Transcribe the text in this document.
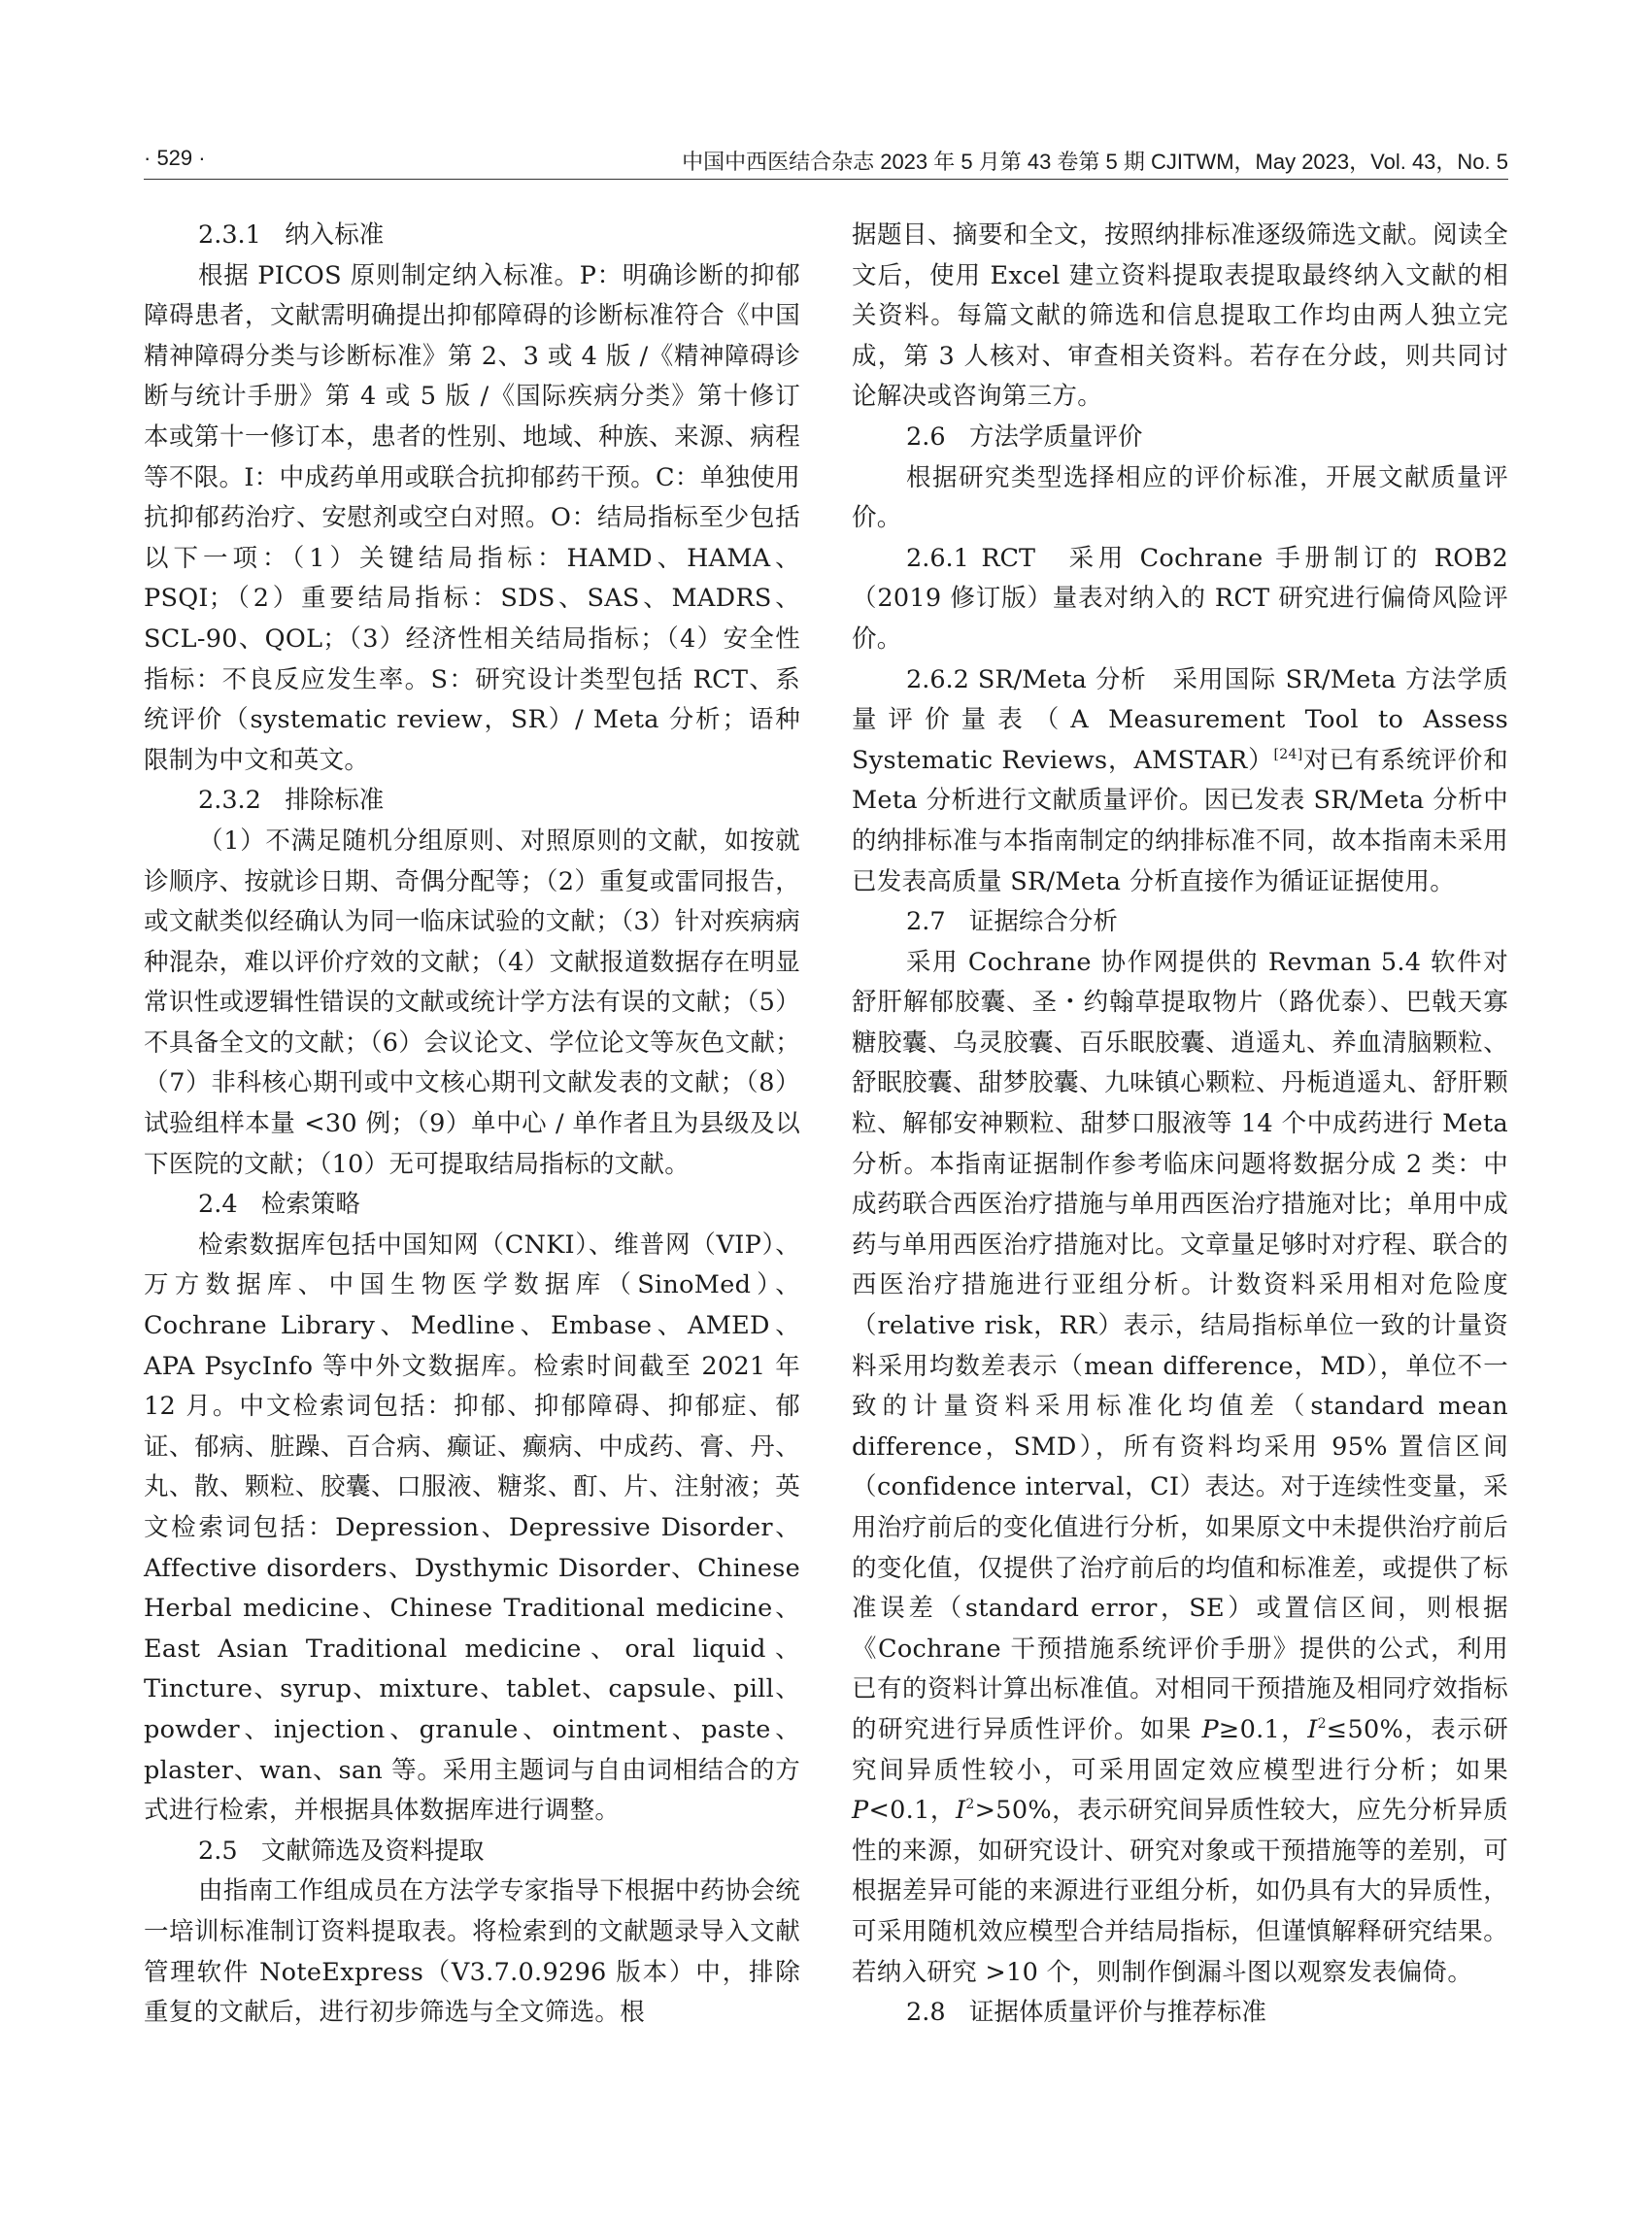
· 529 ·	中国中西医结合杂志 2023 年 5 月第 43 卷第 5 期 CJITWM，May 2023，Vol. 43，No. 5

2.3.1   纳入标准

根据 PICOS 原则制定纳入标准。P：明确诊断的抑郁障碍患者，文献需明确提出抑郁障碍的诊断标准符合《中国精神障碍分类与诊断标准》第 2、3 或 4 版 /《精神障碍诊断与统计手册》第 4 或 5 版 /《国际疾病分类》第十修订本或第十一修订本，患者的性别、地域、种族、来源、病程等不限。I：中成药单用或联合抗抑郁药干预。C：单独使用抗抑郁药治疗、安慰剂或空白对照。O：结局指标至少包括以下一项：（1）关键结局指标：HAMD、HAMA、PSQI；（2）重要结局指标：SDS、SAS、MADRS、SCL-90、QOL；（3）经济性相关结局指标；（4）安全性指标：不良反应发生率。S：研究设计类型包括 RCT、系统评价（systematic review，SR）/ Meta 分析；语种限制为中文和英文。

2.3.2   排除标准

（1）不满足随机分组原则、对照原则的文献，如按就诊顺序、按就诊日期、奇偶分配等；（2）重复或雷同报告，或文献类似经确认为同一临床试验的文献；（3）针对疾病病种混杂，难以评价疗效的文献；（4）文献报道数据存在明显常识性或逻辑性错误的文献或统计学方法有误的文献；（5）不具备全文的文献；（6）会议论文、学位论文等灰色文献；（7）非科核心期刊或中文核心期刊文献发表的文献；（8）试验组样本量 <30 例；（9）单中心 / 单作者且为县级及以下医院的文献；（10）无可提取结局指标的文献。

2.4   检索策略

检索数据库包括中国知网（CNKI）、维普网（VIP）、万方数据库、中国生物医学数据库（SinoMed）、Cochrane Library、Medline、Embase、AMED、APA PsycInfo 等中外文数据库。检索时间截至 2021 年 12 月。中文检索词包括：抑郁、抑郁障碍、抑郁症、郁证、郁病、脏躁、百合病、癫证、癫病、中成药、膏、丹、丸、散、颗粒、胶囊、口服液、糖浆、酊、片、注射液；英文检索词包括：Depression、Depressive Disorder、Affective disorders、Dysthymic Disorder、Chinese Herbal medicine、Chinese Traditional medicine、East Asian Traditional medicine、oral liquid、Tincture、syrup、mixture、tablet、capsule、pill、powder、injection、granule、ointment、paste、plaster、wan、san 等。采用主题词与自由词相结合的方式进行检索，并根据具体数据库进行调整。

2.5   文献筛选及资料提取

由指南工作组成员在方法学专家指导下根据中药协会统一培训标准制订资料提取表。将检索到的文献题录导入文献管理软件 NoteExpress（V3.7.0.9296 版本）中，排除重复的文献后，进行初步筛选与全文筛选。根

据题目、摘要和全文，按照纳排标准逐级筛选文献。阅读全文后，使用 Excel 建立资料提取表提取最终纳入文献的相关资料。每篇文献的筛选和信息提取工作均由两人独立完成，第 3 人核对、审查相关资料。若存在分歧，则共同讨论解决或咨询第三方。

2.6   方法学质量评价

根据研究类型选择相应的评价标准，开展文献质量评价。

2.6.1 RCT　 采用 Cochrane 手册制订的 ROB2（2019 修订版）量表对纳入的 RCT 研究进行偏倚风险评价。

2.6.2 SR/Meta 分析　 采用国际 SR/Meta 方法学质量评价量表（A Measurement Tool to Assess Systematic Reviews，AMSTAR）[24]对已有系统评价和 Meta 分析进行文献质量评价。因已发表 SR/Meta 分析中的纳排标准与本指南制定的纳排标准不同，故本指南未采用已发表高质量 SR/Meta 分析直接作为循证证据使用。

2.7   证据综合分析

采用 Cochrane 协作网提供的 Revman 5.4 软件对舒肝解郁胶囊、圣・约翰草提取物片（路优泰）、巴戟天寡糖胶囊、乌灵胶囊、百乐眠胶囊、逍遥丸、养血清脑颗粒、舒眠胶囊、甜梦胶囊、九味镇心颗粒、丹栀逍遥丸、舒肝颗粒、解郁安神颗粒、甜梦口服液等 14 个中成药进行 Meta 分析。本指南证据制作参考临床问题将数据分成 2 类：中成药联合西医治疗措施与单用西医治疗措施对比；单用中成药与单用西医治疗措施对比。文章量足够时对疗程、联合的西医治疗措施进行亚组分析。计数资料采用相对危险度（relative risk，RR）表示，结局指标单位一致的计量资料采用均数差表示（mean difference，MD），单位不一致的计量资料采用标准化均值差（standard mean difference，SMD），所有资料均采用 95% 置信区间（confidence interval，CI）表达。对于连续性变量，采用治疗前后的变化值进行分析，如果原文中未提供治疗前后的变化值，仅提供了治疗前后的均值和标准差，或提供了标准误差（standard error，SE）或置信区间，则根据《Cochrane 干预措施系统评价手册》提供的公式，利用已有的资料计算出标准值。对相同干预措施及相同疗效指标的研究进行异质性评价。如果 P≥0.1，$I^2\le 50\%$，表示研究间异质性较小，可采用固定效应模型进行分析；如果 P<0.1，$I^2>50\%$，表示研究间异质性较大，应先分析异质性的来源，如研究设计、研究对象或干预措施等的差别，可根据差异可能的来源进行亚组分析，如仍具有大的异质性，可采用随机效应模型合并结局指标，但谨慎解释研究结果。若纳入研究 >10 个，则制作倒漏斗图以观察发表偏倚。

2.8   证据体质量评价与推荐标准
